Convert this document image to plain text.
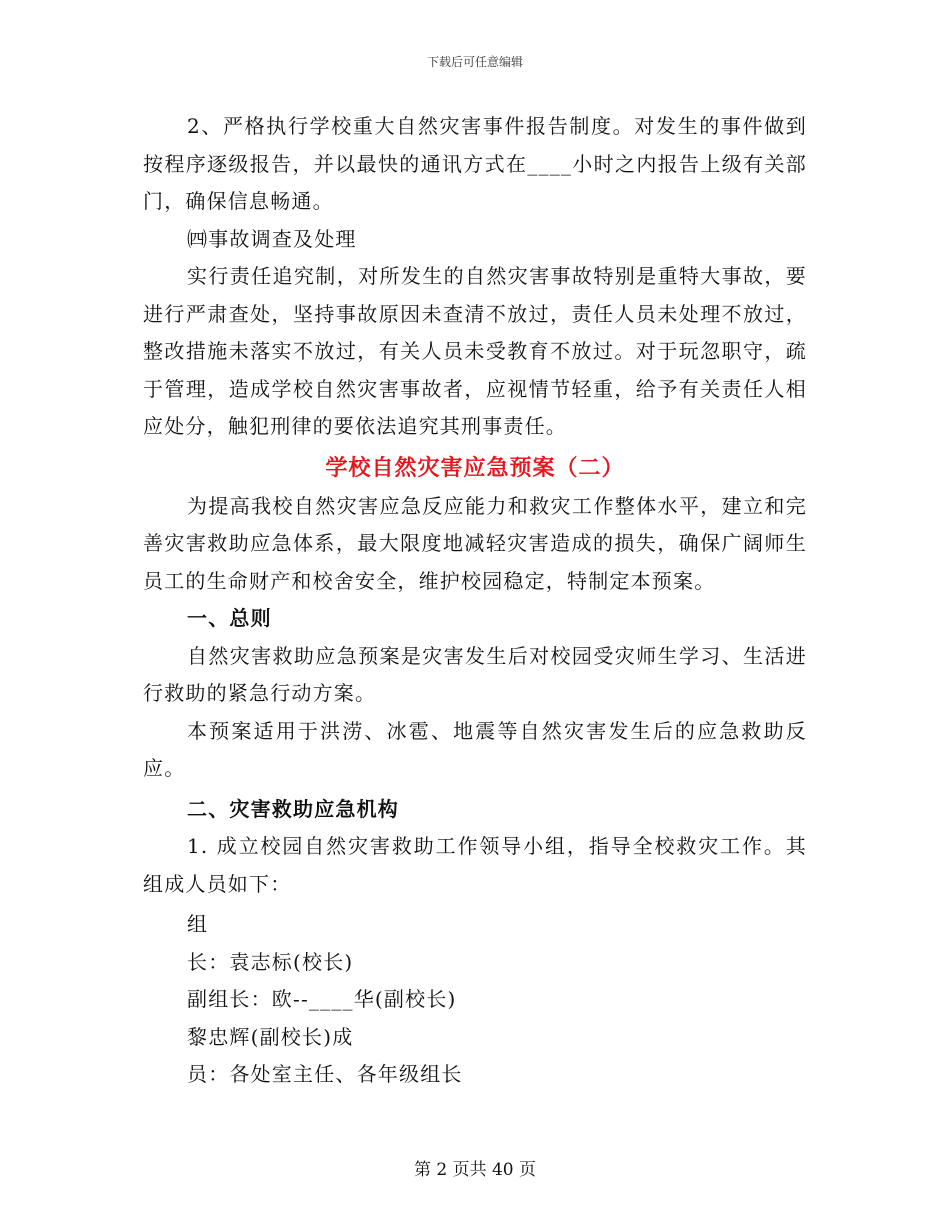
下载后可任意编辑

2、严格执行学校重大自然灾害事件报告制度。对发生的事件做到按程序逐级报告，并以最快的通讯方式在____小时之内报告上级有关部门，确保信息畅通。

㈣事故调查及处理

实行责任追究制，对所发生的自然灾害事故特别是重特大事故，要进行严肃查处，坚持事故原因未查清不放过，责任人员未处理不放过，整改措施未落实不放过，有关人员未受教育不放过。对于玩忽职守，疏于管理，造成学校自然灾害事故者，应视情节轻重，给予有关责任人相应处分，触犯刑律的要依法追究其刑事责任。

学校自然灾害应急预案（二）

为提高我校自然灾害应急反应能力和救灾工作整体水平，建立和完善灾害救助应急体系，最大限度地减轻灾害造成的损失，确保广阔师生员工的生命财产和校舍安全，维护校园稳定，特制定本预案。

一、总则

自然灾害救助应急预案是灾害发生后对校园受灾师生学习、生活进行救助的紧急行动方案。

本预案适用于洪涝、冰雹、地震等自然灾害发生后的应急救助反应。

二、灾害救助应急机构

1. 成立校园自然灾害救助工作领导小组，指导全校救灾工作。其组成人员如下：

组

长：袁志标(校长)

副组长：欧--____华(副校长)

黎忠辉(副校长)成

员：各处室主任、各年级组长

第 2 页共 40 页
